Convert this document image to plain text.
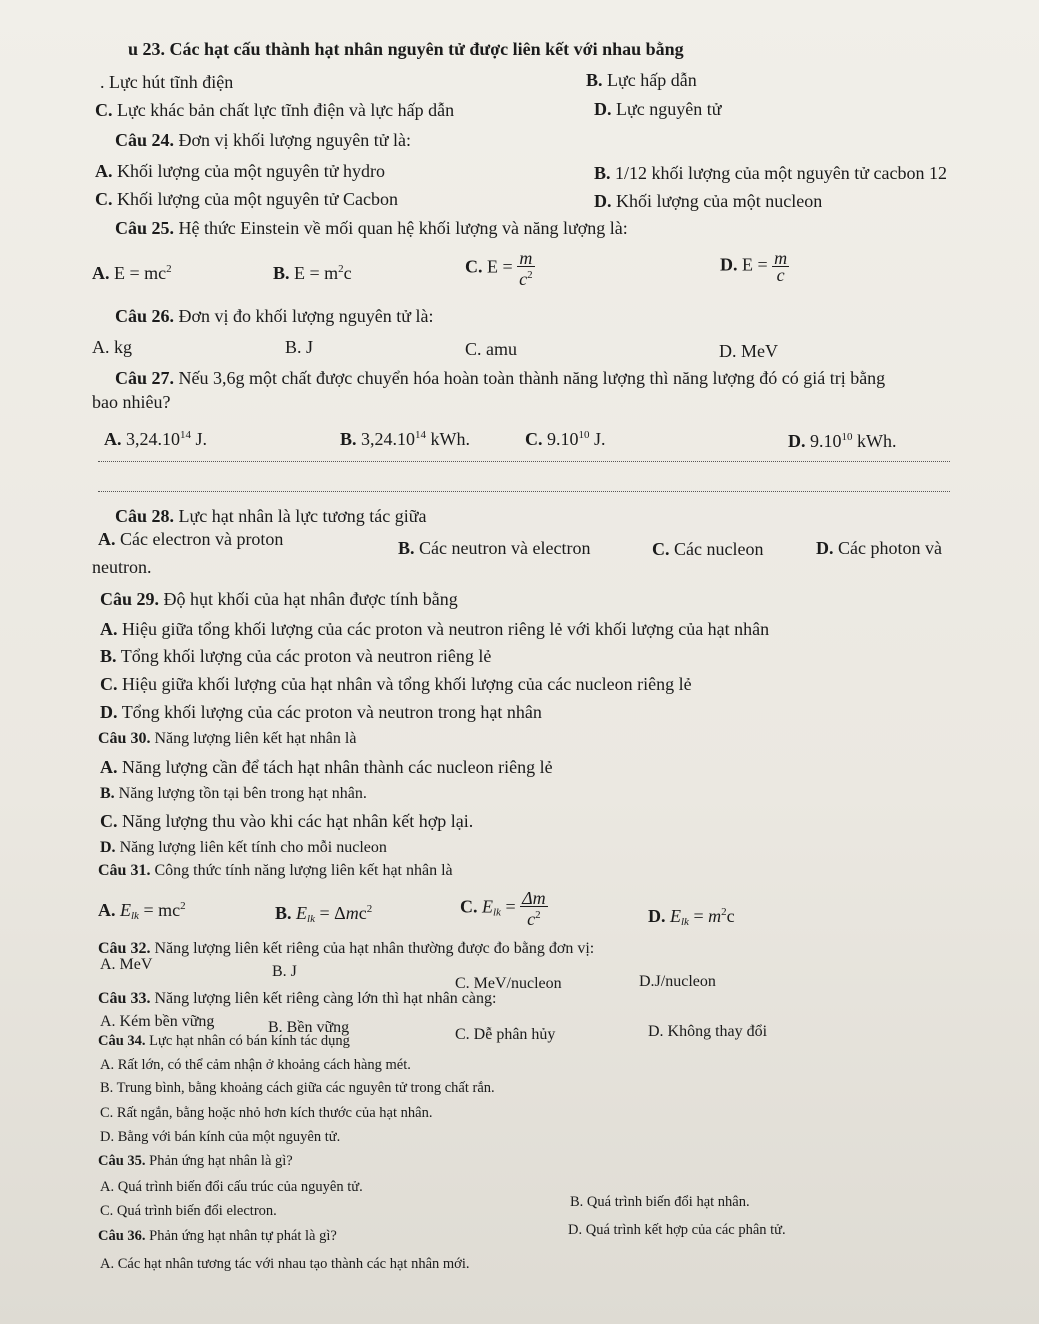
u 23. Các hạt cấu thành hạt nhân nguyên tử được liên kết với nhau bằng
. Lực hút tĩnh điện	B. Lực hấp dẫn
C. Lực khác bản chất lực tĩnh điện và lực hấp dẫn	D. Lực nguyên tử
Câu 24. Đơn vị khối lượng nguyên tử là:
A. Khối lượng của một nguyên tử hydro	B. 1/12 khối lượng của một nguyên tử cacbon 12
C. Khối lượng của một nguyên tử Cacbon	D. Khối lượng của một nucleon
Câu 25. Hệ thức Einstein về mối quan hệ khối lượng và năng lượng là:
A. $E = mc^2$	B. $E = m^2c$	C. $E = \frac{m}{c^2}$	D. $E = \frac{m}{c}$
Câu 26. Đơn vị đo khối lượng nguyên tử là:
A. kg	B. J	C. amu	D. MeV
Câu 27. Nếu 3,6g một chất được chuyển hóa hoàn toàn thành năng lượng thì năng lượng đó có giá trị bằng
bao nhiêu?
A. 3,24.10$^{14}$ J.	B. 3,24.10$^{14}$ kWh.	C. 9.10$^{10}$ J.	D. 9.10$^{10}$ kWh.
Câu 28. Lực hạt nhân là lực tương tác giữa
A. Các electron và proton	B. Các neutron và electron	C. Các nucleon	D. Các photon và
neutron.
Câu 29. Độ hụt khối của hạt nhân được tính bằng
A. Hiệu giữa tổng khối lượng của các proton và neutron riêng lẻ với khối lượng của hạt nhân
B. Tổng khối lượng của các proton và neutron riêng lẻ
C. Hiệu giữa khối lượng của hạt nhân và tổng khối lượng của các nucleon riêng lẻ
D. Tổng khối lượng của các proton và neutron trong hạt nhân
Câu 30. Năng lượng liên kết hạt nhân là
A. Năng lượng cần để tách hạt nhân thành các nucleon riêng lẻ
B. Năng lượng tồn tại bên trong hạt nhân.
C. Năng lượng thu vào khi các hạt nhân kết hợp lại.
D. Năng lượng liên kết tính cho mỗi nucleon
Câu 31. Công thức tính năng lượng liên kết hạt nhân là
A. $E_{lk} = mc^2$	B. $E_{lk} = \Delta mc^2$	C. $E_{lk} = \frac{\Delta m}{c^2}$	D. $E_{lk} = m^2c$
Câu 32. Năng lượng liên kết riêng của hạt nhân thường được đo bằng đơn vị:
A. MeV	B. J
C. MeV/nucleon	D.J/nucleon
Câu 33. Năng lượng liên kết riêng càng lớn thì hạt nhân càng:
A. Kém bền vững	B. Bền vững	C. Dễ phân hủy	D. Không thay đổi
Câu 34. Lực hạt nhân có bán kính tác dụng
A. Rất lớn, có thể cảm nhận ở khoảng cách hàng mét.
B. Trung bình, bằng khoảng cách giữa các nguyên tử trong chất rắn.
C. Rất ngắn, bằng hoặc nhỏ hơn kích thước của hạt nhân.
D. Bằng với bán kính của một nguyên tử.
Câu 35. Phản ứng hạt nhân là gì?
A. Quá trình biến đổi cấu trúc của nguyên tử.
B. Quá trình biến đổi hạt nhân.
C. Quá trình biến đổi electron.
D. Quá trình kết hợp của các phân tử.
Câu 36. Phản ứng hạt nhân tự phát là gì?
A. Các hạt nhân tương tác với nhau tạo thành các hạt nhân mới.
